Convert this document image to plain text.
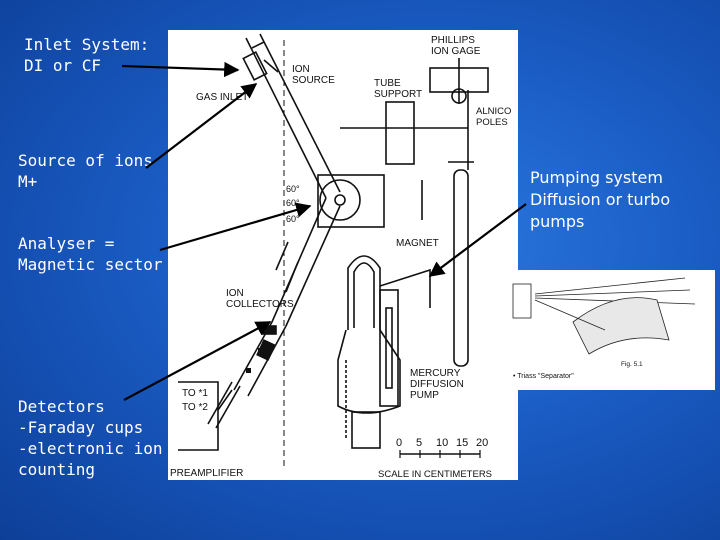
Inlet System:
DI or CF
Source of ions
M+
Analyser =
Magnetic sector
Detectors
-Faraday cups
-electronic ion
counting
Pumping system
Diffusion or turbo
pumps
PHILLIPS ION GAGE
ION SOURCE
GAS INLET
TUBE SUPPORT
ALNICO POLES
60°
60°
60°
MAGNET
ION COLLECTORS
MERCURY DIFFUSION PUMP
TO *1
TO *2
PREAMPLIFIER
0 5 10 15 20
SCALE IN CENTIMETERS
Fig. 5.1
• Triass "Separator"
